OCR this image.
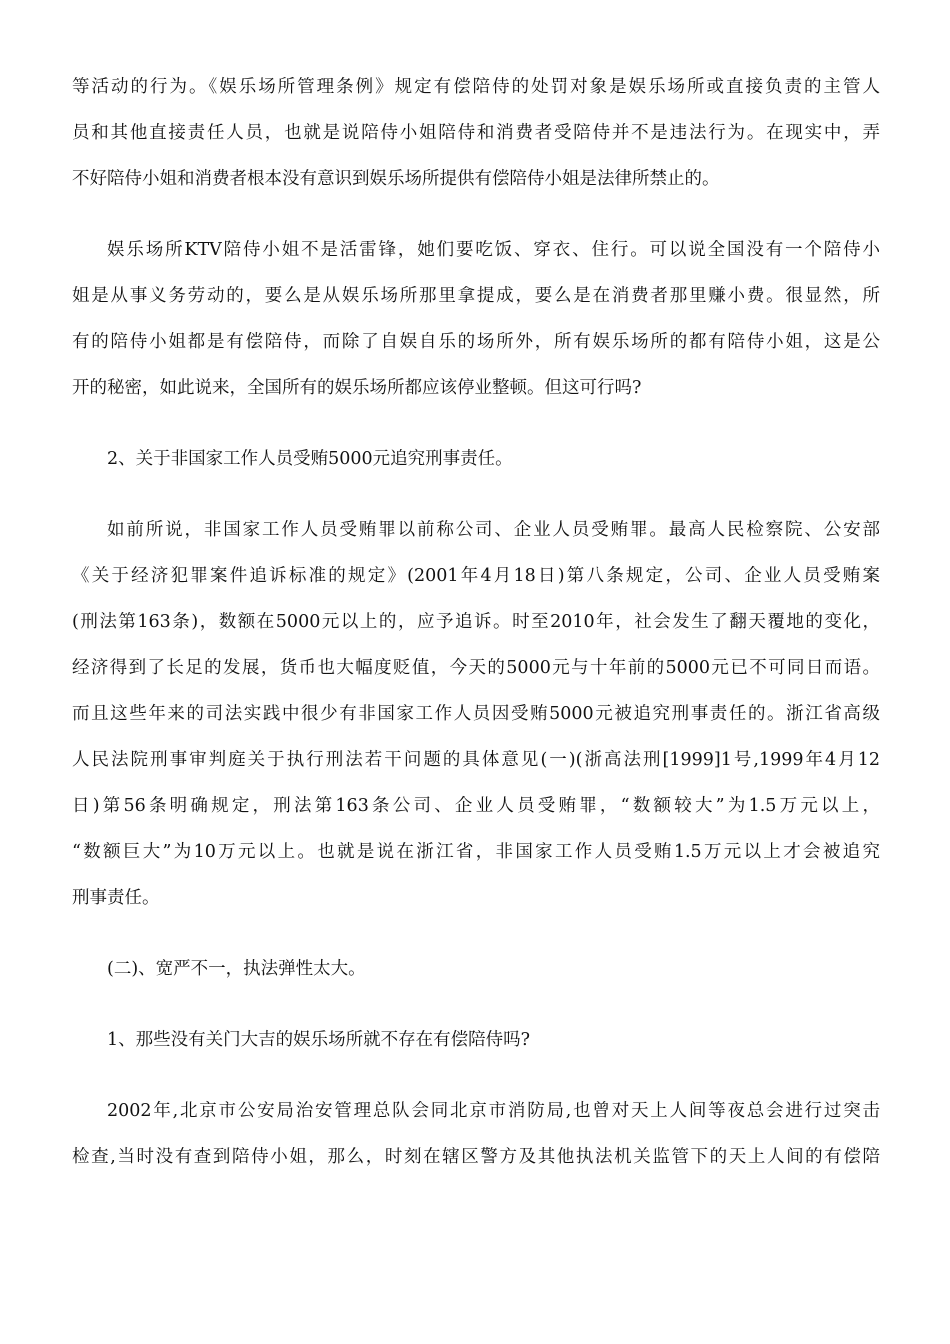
等活动的行为。《娱乐场所管理条例》规定有偿陪侍的处罚对象是娱乐场所或直接负责的主管人
员和其他直接责任人员，也就是说陪侍小姐陪侍和消费者受陪侍并不是违法行为。在现实中，弄
不好陪侍小姐和消费者根本没有意识到娱乐场所提供有偿陪侍小姐是法律所禁止的。
娱乐场所KTV陪侍小姐不是活雷锋，她们要吃饭、穿衣、住行。可以说全国没有一个陪侍小
姐是从事义务劳动的，要么是从娱乐场所那里拿提成，要么是在消费者那里赚小费。很显然，所
有的陪侍小姐都是有偿陪侍，而除了自娱自乐的场所外，所有娱乐场所的都有陪侍小姐，这是公
开的秘密，如此说来，全国所有的娱乐场所都应该停业整顿。但这可行吗?
2、关于非国家工作人员受贿5000元追究刑事责任。
如前所说，非国家工作人员受贿罪以前称公司、企业人员受贿罪。最高人民检察院、公安部
《关于经济犯罪案件追诉标准的规定》(2001年4月18日)第八条规定，公司、企业人员受贿案
(刑法第163条)，数额在5000元以上的，应予追诉。时至2010年，社会发生了翻天覆地的变化，
经济得到了长足的发展，货币也大幅度贬值，今天的5000元与十年前的5000元已不可同日而语。
而且这些年来的司法实践中很少有非国家工作人员因受贿5000元被追究刑事责任的。浙江省高级
人民法院刑事审判庭关于执行刑法若干问题的具体意见(一)(浙高法刑[1999]1号,1999年4月12
日)第56条明确规定，刑法第163条公司、企业人员受贿罪，“数额较大”为1.5万元以上，
“数额巨大”为10万元以上。也就是说在浙江省，非国家工作人员受贿1.5万元以上才会被追究
刑事责任。
(二)、宽严不一，执法弹性太大。
1、那些没有关门大吉的娱乐场所就不存在有偿陪侍吗?
2002年,北京市公安局治安管理总队会同北京市消防局,也曾对天上人间等夜总会进行过突击
检查,当时没有查到陪侍小姐，那么，时刻在辖区警方及其他执法机关监管下的天上人间的有偿陪
